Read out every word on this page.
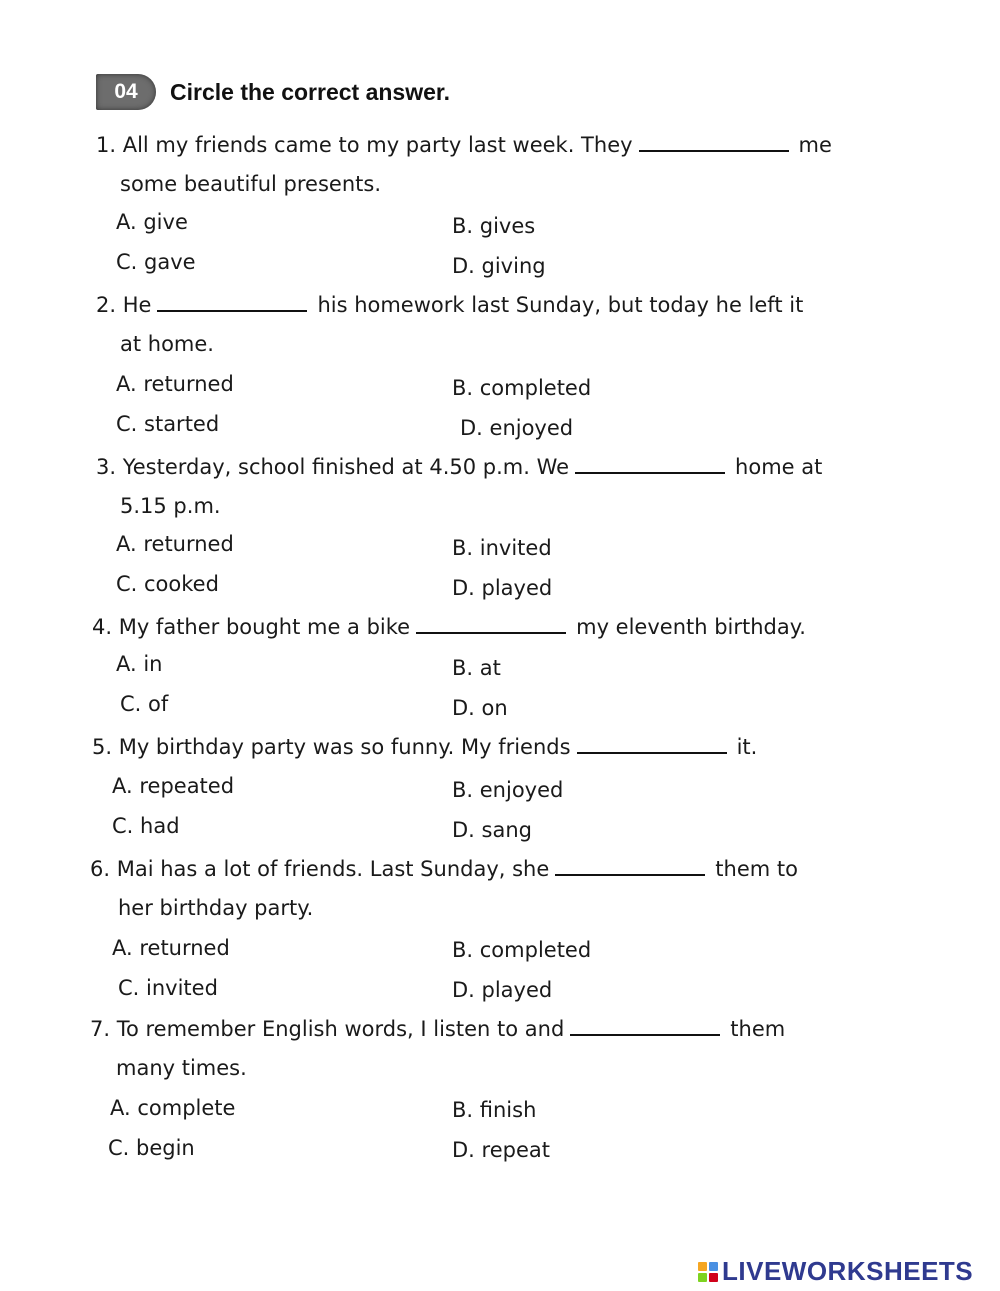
04	Circle the correct answer.
1. All my friends came to my party last week. They	me
some beautiful presents.
A. give	B. gives
C. gave	D. giving
2. He	his homework last Sunday, but today he left it
at home.
A. returned	B. completed
C. started	D. enjoyed
3. Yesterday, school finished at 4.50 p.m. We	home at
5.15 p.m.
A. returned	B. invited
C. cooked	D. played
4. My father bought me a bike	my eleventh birthday.
A. in	B. at
C. of	D. on
5. My birthday party was so funny. My friends	it.
A. repeated	B. enjoyed
C. had	D. sang
6. Mai has a lot of friends. Last Sunday, she	them to
her birthday party.
A. returned	B. completed
C. invited	D. played
7. To remember English words, I listen to and	them
many times.
A. complete	B. finish
C. begin	D. repeat
LIVEWORKSHEETS
